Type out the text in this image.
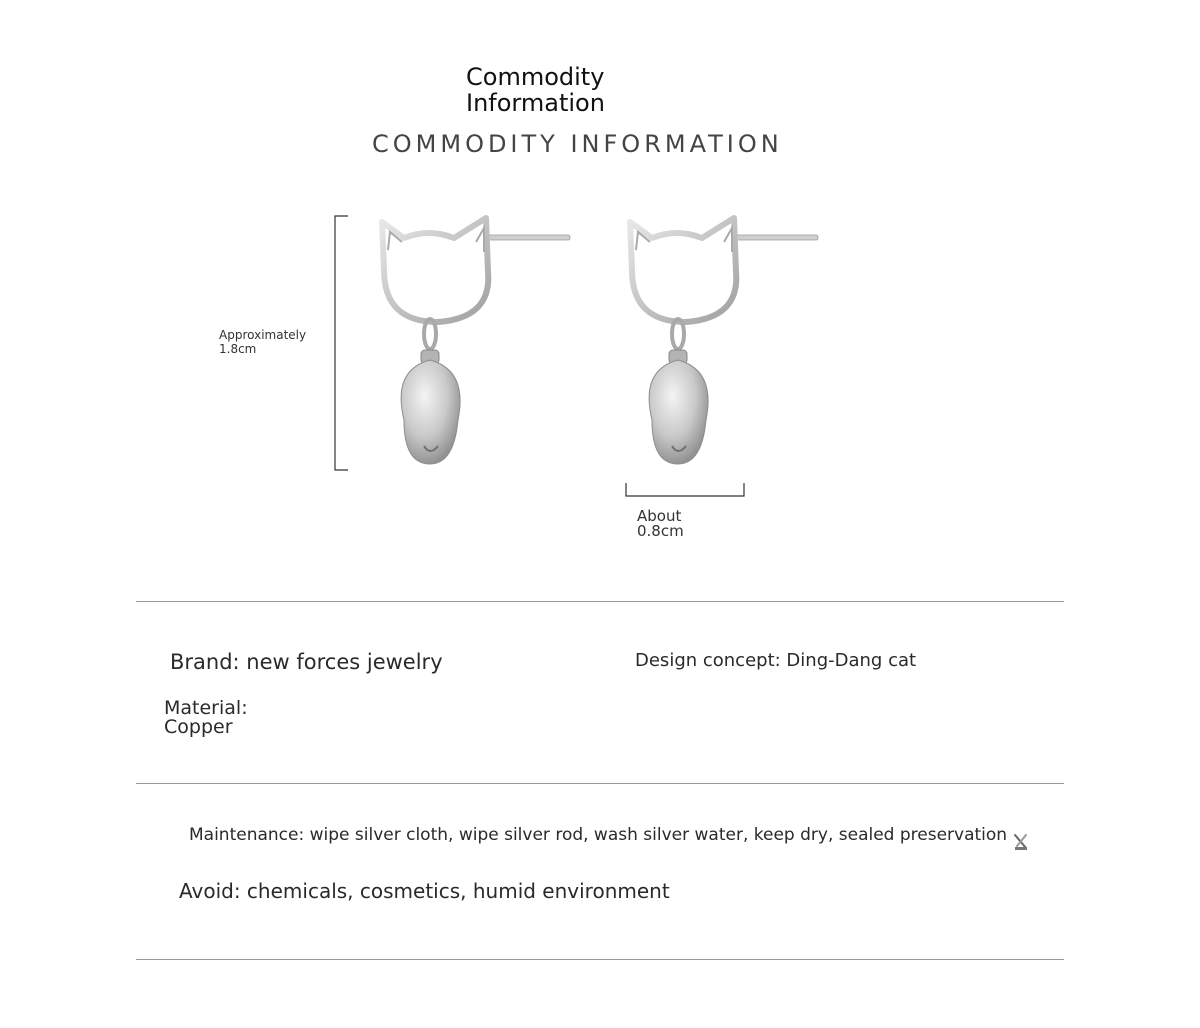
Commodity
Information
COMMODITY INFORMATION
Approximately
1.8cm
About
0.8cm
Brand: new forces jewelry	Design concept: Ding-Dang cat
Material:
Copper
Maintenance: wipe silver cloth, wipe silver rod, wash silver water, keep dry, sealed preservation
Avoid: chemicals, cosmetics, humid environment
